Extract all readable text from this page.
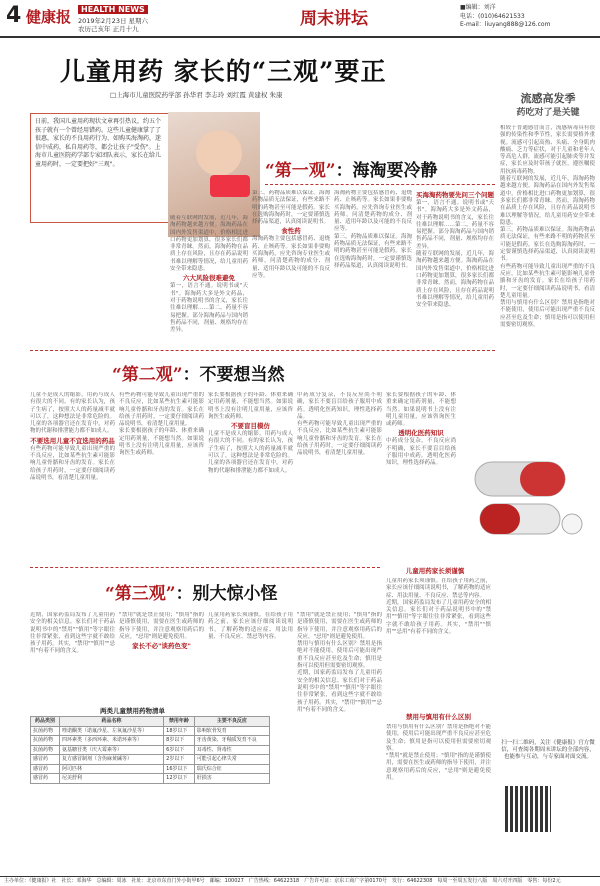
4 健康报	HEALTH NEWS
2019年2月23日 星期六
农历己亥年 正月十九	周末讲坛
■编辑：刘洋
电话：(010)64621533
E-mail：liuyang888@126.com
儿童用药 家长的“三观”要正
□上海市儿童医院药学部 孙华君 李志玲 刘红霞 黄建权 朱康
日前，我国儿童用药现状文章再引热议，约五个孩子就有一个曾经用错药。这些儿童健康掌了了很惠，家长的不良用药行为、如购买海淘药，迷信中成药，私自用药等，都会让孩子"受伤"。上海市儿童医院药学部专家团队表示，家长在给儿童用药时，一定要把好"三观"。	“第一观”：海淘要冷静
随着互联网的发展，近几年，海淘药物越来越方便。海淘药品在国内外发售渠道中，价格相比进口药物更加划算，很多家长们都非常青睐。然而，海淘药物在品质上存在风险，且存在药品说明书难以理解等情况，给儿童用药安全带来隐患。
六大风险很难避免
第一，语言不通。说明书或"天书"。海淘药大多是外文药品，对于药物说明书的含义，家长往往难以理解……第二，药量不容易把握。部分海淘药品与国内销售药品不同，剂量、规格均存在差异。
第三，药物品质难以保证。海淘药物品质无法保证，有些来路不明的药物甚至可能是假药。家长在选购海淘药时，一定要谨慎选择药品渠道，认真阅读说明书。
食性药
海淘药物主要包括感冒药、退烧药、止咳药等。家长如果非要购买海淘药，应先咨询专业医生或药师，问清楚药物的成分、剂量、适用年龄以及可能的不良反应等。
海淘药物主要包括感冒药、退烧药、止咳药等。家长如果非要购买海淘药，应先咨询专业医生或药师，问清楚药物的成分、剂量、适用年龄以及可能的不良反应等。
第三，药物品质难以保证。海淘药物品质无法保证，有些来路不明的药物甚至可能是假药。家长在选购海淘药时，一定要谨慎选择药品渠道，认真阅读说明书。
买海淘药物要先问三个问题
第一，语言不通。说明书或"天书"。海淘药大多是外文药品，对于药物说明书的含义，家长往往难以理解……第二，药量不容易把握。部分海淘药品与国内销售药品不同，剂量、规格均存在差异。
随着互联网的发展，近几年，海淘药物越来越方便。海淘药品在国内外发售渠道中，价格相比进口药物更加划算，很多家长们都非常青睐。然而，海淘药物在品质上存在风险，且存在药品说明书难以理解等情况，给儿童用药安全带来隐患。
“第二观”：不要想当然
儿童不是成人的缩影，用药与成人有很大的不同。有的家长认为，孩子生病了，按照大人的药量减半就可以了，这种想法是非常危险的。儿童的各项器官还在发育中，对药物的代谢和排泄能力都不如成人。
不要选用儿童不宜选用的药品
有些药物可能导致儿童出现严重的不良反应，比如某些抗生素可能影响儿童骨骼和牙齿的发育。家长在给孩子用药时，一定要仔细阅读药品说明书，看清楚儿童用量。
有些药物可能导致儿童出现严重的不良反应，比如某些抗生素可能影响儿童骨骼和牙齿的发育。家长在给孩子用药时，一定要仔细阅读药品说明书，看清楚儿童用量。
家长要根据孩子的年龄、体重来确定用药剂量，不能想当然。如果说明书上没有注明儿童用量，应该咨询医生或药师。
家长要根据孩子的年龄、体重来确定用药剂量，不能想当然。如果说明书上没有注明儿童用量，应该咨询医生或药师。
不要盲目模仿
儿童不是成人的缩影，用药与成人有很大的不同。有的家长认为，孩子生病了，按照大人的药量减半就可以了，这种想法是非常危险的。儿童的各项器官还在发育中，对药物的代谢和排泄能力都不如成人。
中药成分复杂，不良反应尚不明确，家长不要盲目给孩子服用中成药。透明化医药知识，理性选择药品。
有些药物可能导致儿童出现严重的不良反应，比如某些抗生素可能影响儿童骨骼和牙齿的发育。家长在给孩子用药时，一定要仔细阅读药品说明书，看清楚儿童用量。
家长要根据孩子的年龄、体重来确定用药剂量，不能想当然。如果说明书上没有注明儿童用量，应该咨询医生或药师。
透明化医药知识
中药成分复杂，不良反应尚不明确，家长不要盲目给孩子服用中成药。透明化医药知识，理性选择药品。
“第三观”：别大惊小怪
近期，国家药监局发布了儿童用药安全的相关信息。家长们对于药品说明书中的"禁用""慎用"等字眼往往非常紧张，看到这些字就不敢给孩子用药。其实，"禁用""慎用""忌用"有着不同的含义。
"禁用"就是禁止使用；"慎用"指的是谨慎使用，需要在医生或药师的指导下使用，并注意观察用药后的反应，"忌用"则是避免使用。
家长不必"谈药色变"
儿童用药家长须谨慎。在给孩子用药之前，家长应该仔细阅读说明书，了解药物的适应症、用法用量、不良反应、禁忌等内容。
"禁用"就是禁止使用；"慎用"指的是谨慎使用，需要在医生或药师的指导下使用，并注意观察用药后的反应，"忌用"则是避免使用。
禁用与慎用有什么区别？禁用是指绝对不能使用，使用后可能出现严重不良反应甚至危及生命；慎用是指可以使用但需要密切观察。
近期，国家药监局发布了儿童用药安全的相关信息。家长们对于药品说明书中的"禁用""慎用"等字眼往往非常紧张，看到这些字就不敢给孩子用药。其实，"禁用""慎用""忌用"有着不同的含义。
儿童用药家长须谨慎
儿童用药家长须谨慎。在给孩子用药之前，家长应该仔细阅读说明书，了解药物的适应症、用法用量、不良反应、禁忌等内容。
近期，国家药监局发布了儿童用药安全的相关信息。家长们对于药品说明书中的"禁用""慎用"等字眼往往非常紧张，看到这些字就不敢给孩子用药。其实，"禁用""慎用""忌用"有着不同的含义。
禁用与慎用有什么区别
禁用与慎用有什么区别？禁用是指绝对不能使用，使用后可能出现严重不良反应甚至危及生命；慎用是指可以使用但需要密切观察。
"禁用"就是禁止使用；"慎用"指的是谨慎使用，需要在医生或药师的指导下使用，并注意观察用药后的反应，"忌用"则是避免使用。
两类儿童禁用药物清单
药品类别	药品名称	禁用年龄	主要不良反应
抗菌药物	喹诺酮类（诺氟沙星、左氧氟沙星等）	18岁以下	影响软骨发育
抗菌药物	四环素类（多西环素、米诺环素等）	8岁以下	牙齿黄染、牙釉质发育不良
抗菌药物	氨基糖苷类（庆大霉素等）	6岁以下	耳毒性、肾毒性
感冒药	复方感冒制剂（含伪麻黄碱等）	2岁以下	可能引起心律失常
感冒药	阿司匹林	16岁以下	瑞氏综合征
感冒药	尼美舒利	12岁以下	肝损害
流感高发季
药吃对了是关键
相较于普通感冒而言，流感病毒具有很强的传染性和季节性，家长需要格外重视。流感可引起高热、头痛、全身肌肉酸痛、乏力等症状，对于儿童和老年人等高危人群，流感可能引起肺炎等并发症，家长应及时带孩子就医，遵医嘱使用抗病毒药物。
随着互联网的发展，近几年，海淘药物越来越方便。海淘药品在国内外发售渠道中，价格相比进口药物更加划算，很多家长们都非常青睐。然而，海淘药物在品质上存在风险，且存在药品说明书难以理解等情况，给儿童用药安全带来隐患。
第三，药物品质难以保证。海淘药物品质无法保证，有些来路不明的药物甚至可能是假药。家长在选购海淘药时，一定要谨慎选择药品渠道，认真阅读说明书。
有些药物可能导致儿童出现严重的不良反应，比如某些抗生素可能影响儿童骨骼和牙齿的发育。家长在给孩子用药时，一定要仔细阅读药品说明书，看清楚儿童用量。
禁用与慎用有什么区别？禁用是指绝对不能使用，使用后可能出现严重不良反应甚至危及生命；慎用是指可以使用但需要密切观察。
扫一扫二维码，关注《健康报》官方微信，可查阅各期周末讲坛的全部内容，也能参与互动，与专家面对面交流。
主办单位：《健康报》社　社长：邓海华　总编辑：周冰　社址：北京市东直门外小街甲6号　邮编：100027　广告热线：64622318　广告许可证：京东工商广字第0170号　发行：64622308　每周一至周五发行八版　周六对开四版　零售：每份2元
